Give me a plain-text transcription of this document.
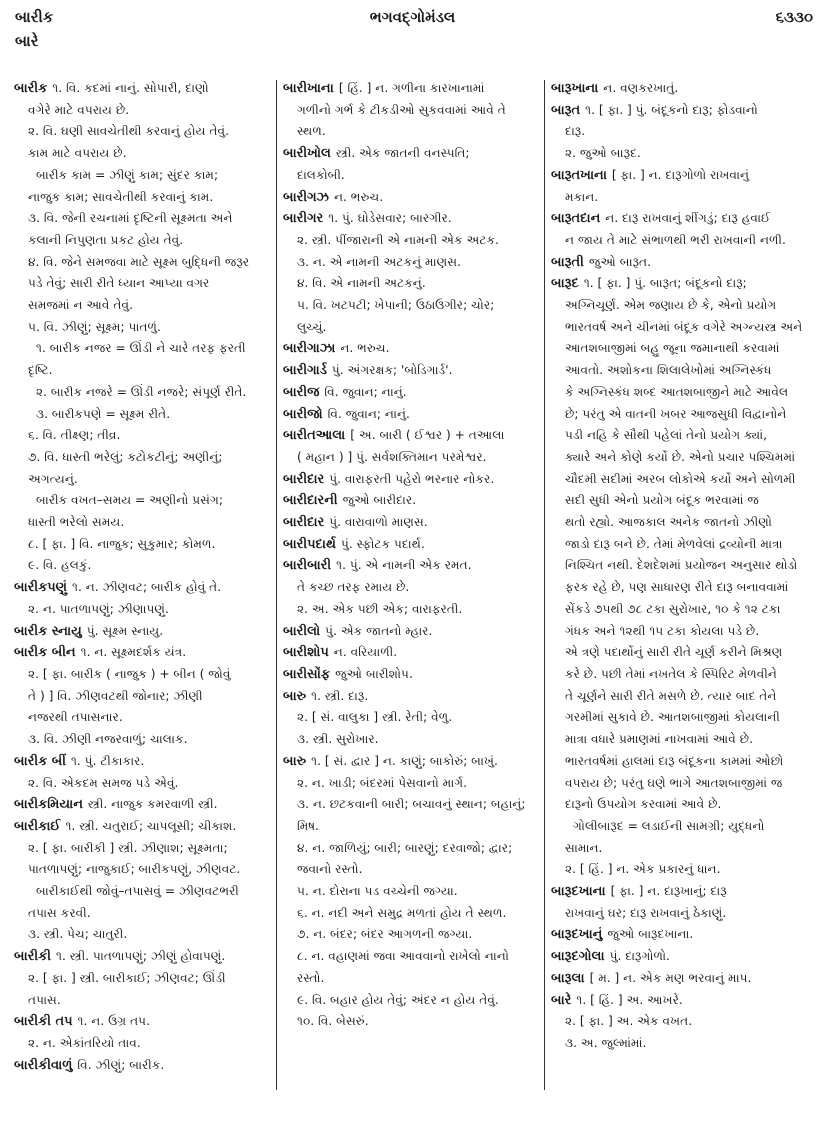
બારીક
બારે
ભગવદ્ગોમંડલ	૬૩૩૦
બારીક ૧. વિ. કદમાં નાનું. સોપારી, દાણો
વગેરે માટે વપરાય છે.
૨. વિ. ઘણી સાવચેતીથી કરવાનું હોય તેવું.
કામ માટે વપરાય છે.
બારીક કામ = ઝીણું કામ; સુંદર કામ;
નાજુક કામ; સાવચેતીથી કરવાનું કામ.
૩. વિ. જેની રચનામાં દૃષ્ટિની સૂક્ષ્મતા અને
કલાની નિપુણતા પ્રકટ હોય તેવું.
૪. વિ. જેને સમજવા માટે સૂક્ષ્મ બુદ્ધિની જરૂર
પડે તેવું; સારી રીતે ધ્યાન આપ્યા વગર
સમજમાં ન આવે તેવું.
૫. વિ. ઝીણું; સૂક્ષ્મ; પાતળું.
૧. બારીક નજર = ઊંડી ને ચારે તરફ ફરતી
દૃષ્ટિ.
૨. બારીક નજરે = ઊંડી નજરે; સંપૂર્ણ રીતે.
૩. બારીકપણે = સૂક્ષ્મ રીતે.
૬. વિ. તીક્ષ્ણ; તીવ્ર.
૭. વિ. ધાસ્તી ભરેલું; કટોકટીનું; અણીનું;
અગત્યનું.
બારીક વખત–સમય = અણીનો પ્રસંગ;
ધાસ્તી ભરેલો સમય.
૮. [ ફા. ] વિ. નાજુક; સુકુમાર; કોમળ.
૯. વિ. હલકું.
બારીકપણું ૧. ન. ઝીણવટ; બારીક હોવું તે.
૨. ન. પાતળાપણું; ઝીણાપણું.
બારીક સ્નાયુ પું. સૂક્ષ્મ સ્નાયુ.
બારીક બીન ૧. ન. સૂક્ષ્મદર્શક યંત્ર.
૨. [ ફા. બારીક ( નાજુક ) + બીન ( જોવું
તે ) ] વિ. ઝીણવટથી જોનાર; ઝીણી
નજરથી તપાસનાર.
૩. વિ. ઝીણી નજરવાળું; ચાલાક.
બારીક બીં ૧. પું. ટીકાકાર.
૨. વિ. એકદમ સમજ પડે એવું.
બારીકમિયાન સ્ત્રી. નાજુક કમરવાળી સ્ત્રી.
બારીકાઈ ૧. સ્ત્રી. ચતુરાઈ; ચાપલૂસી; ચીકાશ.
૨. [ ફા. બારીકી ] સ્ત્રી. ઝીણાશ; સૂક્ષ્મતા;
પાતળાપણું; નાજુકાઈ; બારીકપણું, ઝીણવટ.
બારીકાઈથી જોવું–તપાસવું = ઝીણવટભરી
તપાસ કરવી.
૩. સ્ત્રી. પેચ; ચાતુરી.
બારીકી ૧. સ્ત્રી. પાતળાપણું; ઝીણું હોવાપણું.
૨. [ ફા. ] સ્ત્રી. બારીકાઈ; ઝીણવટ; ઊંડી
તપાસ.
બારીકી તપ ૧. ન. ઉગ્ર તપ.
૨. ન. એકાંતરિયો તાવ.
બારીકીવાળું વિ. ઝીણું; બારીક.
બારીખાના [ હિં. ] ન. ગળીના કારખાનામાં
ગળીનો ગર્ભ કે ટીકડીઓ સુકવવામાં આવે તે
સ્થળ.
બારીખોલ સ્ત્રી. એક જાતની વનસ્પતિ;
દાલકોબી.
બારીગઝ ન. ભરુચ.
બારીગર ૧. પું. ઘોડેસવાર; બારગીર.
૨. સ્ત્રી. પીંજારાની એ નામની એક અટક.
૩. ન. એ નામની અટકનું માણસ.
૪. વિ. એ નામની અટકનું.
૫. વિ. ખટપટી; ખેપાની; ઉઠાઉગીર; ચોર;
લુચ્ચું.
બારીગાઝા ન. ભરુચ.
બારીગાર્ડ પું. અંગરક્ષક; 'બોડિગાર્ડ'.
બારીજ વિ. જુવાન; નાનું.
બારીજો વિ. જુવાન; નાનું.
બારીતઆલા [ અ. બારી ( ઈશ્વર ) + તઆલા
( મહાન ) ] પું. સર્વશક્તિમાન પરમેશ્વર.
બારીદાર પું. વારાફરતી પહેરો ભરનાર નોકર.
બારીદારની જુઓ બારીદાર.
બારીદાર પું. વારાવાળો માણસ.
બારીપદાર્થ પું. સ્ફોટક પદાર્થ.
બારીબારી ૧. પું. એ નામની એક રમત.
તે કચ્છ તરફ રમાય છે.
૨. અ. એક પછી એક; વારાફરતી.
બારીલો પું. એક જાતનો મ્હાર.
બારીશોપ ન. વરિયાળી.
બારીસોંફ જુઓ બારીશોપ.
બારુ ૧. સ્ત્રી. દારૂ.
૨. [ સં. વાલુકા ] સ્ત્રી. રેતી; વેળુ.
૩. સ્ત્રી. સુરોખાર.
બારુ ૧. [ સં. દ્વાર ] ન. કાણું; બાકોરું; બાખું.
૨. ન. ખાડી; બંદરમાં પેસવાનો માર્ગ.
૩. ન. છટકવાની બારી; બચાવનું સ્થાન; બહાનું;
મિષ.
૪. ન. જાળિયું; બારી; બારણું; દરવાજો; દ્વાર;
જવાનો રસ્તો.
૫. ન. દોરાના પડ વચ્ચેની જગ્યા.
૬. ન. નદી અને સમુદ્ર મળતાં હોય તે સ્થળ.
૭. ન. બંદર; બંદર આગળની જગ્યા.
૮. ન. વહાણમાં જવા આવવાનો રાખેલો નાનો
રસ્તો.
૯. વિ. બહાર હોય તેવું; અંદર ન હોય તેવું.
૧૦. વિ. બેસરું.
બારૂખાના ન. વણકરખાતું.
બારૂત ૧. [ ફા. ] પું. બંદૂકનો દારૂ; ફોડવાનો
દારૂ.
૨. જુઓ બારૂદ.
બારૂતખાના [ ફા. ] ન. દારૂગોળો રાખવાનું
મકાન.
બારૂતદાન ન. દારૂ રાખવાનું શીંગડું; દારૂ હવાઈ
ન જાય તે માટે સંભાળથી ભરી રાખવાની નળી.
બારૂતી જુઓ બારૂત.
બારૂદ ૧. [ ફા. ] પું. બારૂત; બંદૂકનો દારૂ;
અગ્નિચૂર્ણ. એમ જણાય છે કે, એનો પ્રયોગ
ભારતવર્ષ અને ચીનમાં બંદૂક વગેરે અગ્ન્યસ્ત્ર અને
આતશબાજીમાં બહુ જૂના જમાનાથી કરવામાં
આવતો. અશોકના શિલાલેખોમાં અગ્નિસ્કંધ
કે અગ્નિસ્કંધ શબ્દ આતશબાજીને માટે આવેલ
છે; પરંતુ એ વાતની ખબર આજસુધી વિદ્વાનોને
પડી નહિ કે સૌથી પહેલાં તેનો પ્રયોગ ક્યાં,
ક્યારે અને કોણે કર્યો છે. એનો પ્રચાર પશ્ચિમમાં
ચૌદમી સદીમાં અરબ લોકોએ કર્યો અને સોળમી
સદી સુધી એનો પ્રયોગ બંદૂક ભરવામાં જ
થતો રહ્યો. આજકાલ અનેક જાતનો ઝીણો
જાડો દારૂ બને છે. તેમાં મેળવેલાં દ્રવ્યોની માત્રા
નિશ્ચિત નથી. દેશદેશમાં પ્રયોજન અનુસાર થોડો
ફરક રહે છે, પણ સાધારણ રીતે દારૂ બનાવવામાં
સેંકડે ૭૫થી ૭૮ ટકા સુરોખાર, ૧૦ કે ૧૨ ટકા
ગંધક અને ૧૨થી ૧૫ ટકા કોયલા પડે છે.
એ ત્રણે પદાર્થોનું સારી રીતે ચૂર્ણ કરીને મિશ્રણ
કરે છે. પછી તેમાં નખતેલ કે સ્પિરિટ મેળવીને
તે ચૂર્ણને સારી રીતે મસળે છે. ત્યાર બાદ તેને
ગરમીમાં સુકાવે છે. આતશબાજીમાં કોયલાની
માત્રા વધારે પ્રમાણમાં નાખવામાં આવે છે.
ભારતવર્ષમાં હાલમાં દારૂ બંદૂકના કામમાં ઓછો
વપરાય છે; પરંતુ ઘણે ભાગે આતશબાજીમાં જ
દારૂનો ઉપયોગ કરવામાં આવે છે.
ગોલીબારૂદ = લડાઈની સામગ્રી; યુદ્ધનો
સામાન.
૨. [ હિં. ] ન. એક પ્રકારનું ધાન.
બારૂદખાના [ ફા. ] ન. દારૂખાનું; દારૂ
રાખવાનું ઘર; દારૂ રાખવાનું ઠેકાણું.
બારૂદખાનું જુઓ બારૂદખાના.
બારૂદગોલા પું. દારૂગોળો.
બારૂલા [ મ. ] ન. એક મણ ભરવાનું માપ.
બારે ૧. [ હિં. ] અ. આખરે.
૨. [ ફા. ] અ. એક વખત.
૩. અ. જુલ્માંમાં.
